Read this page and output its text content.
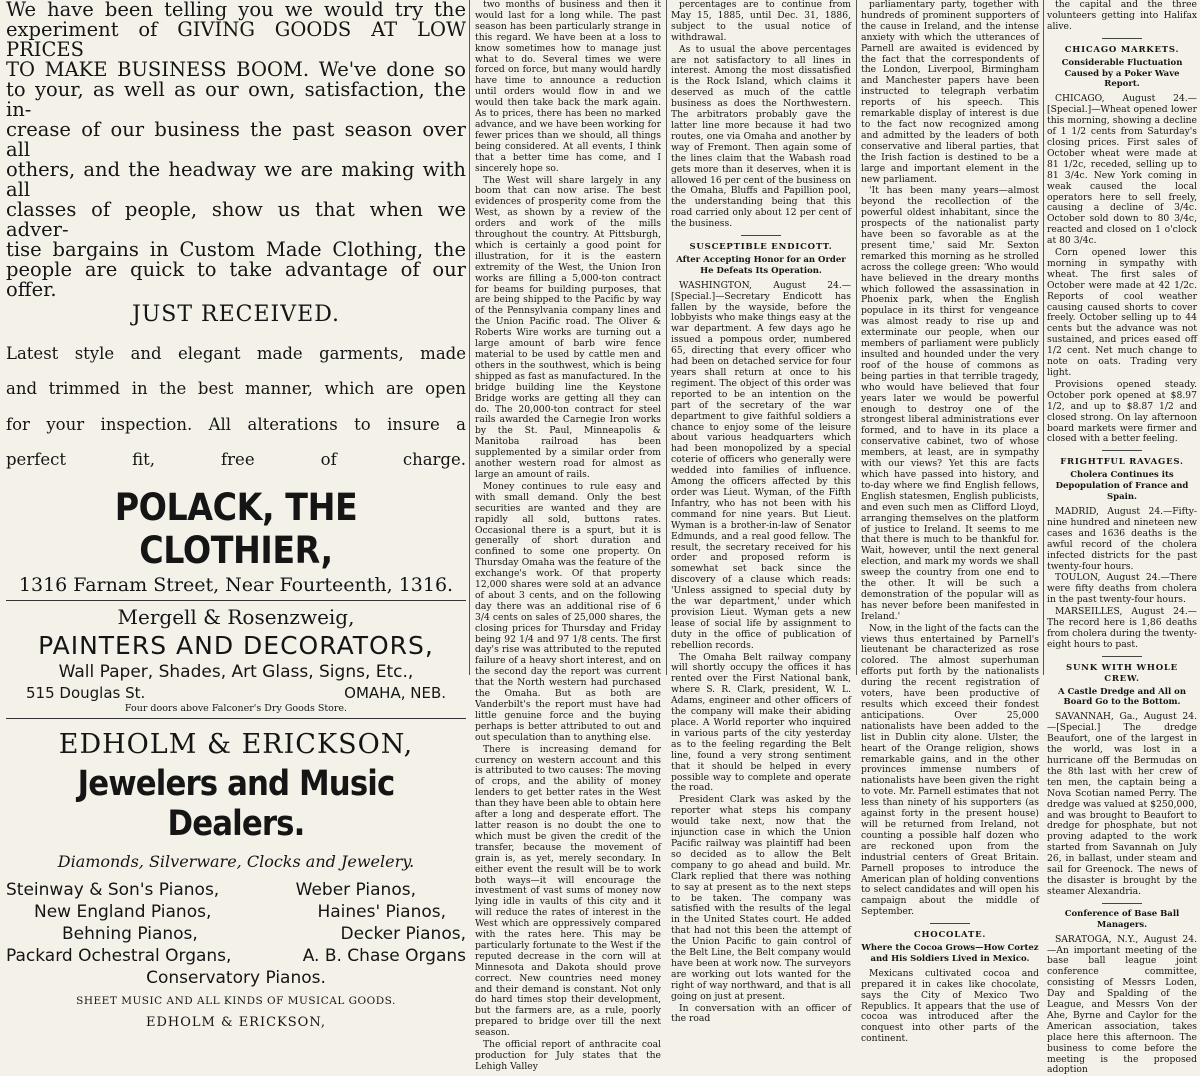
We have been telling you we would try the

experiment of GIVING GOODS AT LOW PRICES

TO MAKE BUSINESS BOOM. We've done so

to your, as well as our own, satisfaction, the in-

crease of our business the past season over all

others, and the headway we are making with all

classes of people, show us that when we adver-

tise bargains in Custom Made Clothing, the

people are quick to take advantage of our offer.

JUST RECEIVED.

Latest style and elegant made garments, made

and trimmed in the best manner, which are open

for your inspection. All alterations to insure a

perfect fit, free of charge.

POLACK, THE CLOTHIER,
1316 Farnam Street, Near Fourteenth, 1316.
Mergell & Rosenzweig,
PAINTERS AND DECORATORS,
Wall Paper, Shades, Art Glass, Signs, Etc.,
515 Douglas St.	OMAHA, NEB.
Four doors above Falconer's Dry Goods Store.
EDHOLM & ERICKSON,
Jewelers and Music Dealers.
Diamonds, Silverware, Clocks and Jewelery.
Steinway & Son's Pianos,	Weber Pianos,
New England Pianos,	Haines' Pianos,
Behning Pianos,	Decker Pianos,
Packard Ochestral Organs,	A. B. Chase Organs
Conservatory Pianos.
SHEET MUSIC AND ALL KINDS OF MUSICAL GOODS.
EDHOLM & ERICKSON,

two months of business and then it would last for a long while. The past season has been particularly strange in this regard. We have been at a loss to know sometimes how to manage just what to do. Several times we were forced on force, but many would hardly have time to announce a reduction until orders would flow in and we would then take back the mark again. As to prices, there has been no marked advance, and we have been working for fewer prices than we should, all things being considered. At all events, I think that a better time has come, and I sincerely hope so.

The West will share largely in any boom that can now arise. The best evidences of prosperity come from the West, as shown by a review of the orders and work of the mills throughout the country. At Pittsburgh, which is certainly a good point for illustration, for it is the eastern extremity of the West, the Union Iron works are filling a 5,000-ton contract for beams for building purposes, that are being shipped to the Pacific by way of the Pennsylvania company lines and the Union Pacific road. The Oliver & Roberts Wire works are turning out a large amount of barb wire fence material to be used by cattle men and others in the southwest, which is being shipped as fast as manufactured. In the bridge building line the Keystone Bridge works are getting all they can do. The 20,000-ton contract for steel rails awarded the Carnegie Iron works by the St. Paul, Minneapolis & Manitoba railroad has been supplemented by a similar order from another western road for almost as large an amount of rails.

Money continues to rule easy and with small demand. Only the best securities are wanted and they are rapidly all sold, buttons rates. Occasional there is a spurt, but it is generally of short duration and confined to some one property. On Thursday Omaha was the feature of the exchange's work. Of that property 12,000 shares were sold at an advance of about 3 cents, and on the following day there was an additional rise of 6 3/4 cents on sales of 25,000 shares, the closing prices for Thursday and Friday being 92 1/4 and 97 1/8 cents. The first day's rise was attributed to the reputed failure of a heavy short interest, and on the second day the report was current that the North western had purchased the Omaha. But as both are Vanderbilt's the report must have had little genuine force and the buying perhaps is better attributed to out and out speculation than to anything else.

There is increasing demand for currency on western account and this is attributed to two causes: The moving of crops, and the ability of money lenders to get better rates in the West than they have been able to obtain here after a long and desperate effort. The latter reason is no doubt the one to which must be given the credit of the transfer, because the movement of grain is, as yet, merely secondary. In either event the result will be to work both ways—it will encourage the investment of vast sums of money now lying idle in vaults of this city and it will reduce the rates of interest in the West which are oppressively compared with the rates here. This may be particularly fortunate to the West if the reputed decrease in the corn will at Minnesota and Dakota should prove correct. New countries need money and their demand is constant. Not only do hard times stop their development, but the farmers are, as a rule, poorly prepared to bridge over till the next season.

The official report of anthracite coal production for July states that the Lehigh Valley

percentages are to continue from May 15, 1885, until Dec. 31, 1886, subject to the usual notice of withdrawal.

As to usual the above percentages are not satisfactory to all lines in interest. Among the most dissatisfied is the Rock Island, which claims it deserved as much of the cattle business as does the Northwestern. The arbitrators probably gave the latter line more because it had two routes, one via Omaha and another by way of Fremont. Then again some of the lines claim that the Wabash road gets more than it deserves, when it is allowed 16 per cent of the business on the Omaha, Bluffs and Papillion pool, the understanding being that this road carried only about 12 per cent of the business.

SUSCEPTIBLE ENDICOTT.
After Accepting Honor for an Order He Defeats Its Operation.

WASHINGTON, August 24.—[Special.]—Secretary Endicott has fallen by the wayside, before the lobbyists who make things easy at the war department. A few days ago he issued a pompous order, numbered 65, directing that every officer who had been on detached service for four years shall return at once to his regiment. The object of this order was reported to be an intention on the part of the secretary of the war department to give faithful soldiers a chance to enjoy some of the leisure about various headquarters which had been monopolized by a special coterie of officers who generally were wedded into families of influence. Among the officers affected by this order was Lieut. Wyman, of the Fifth Infantry, who has not been with his command for nine years. But Lieut. Wyman is a brother-in-law of Senator Edmunds, and a real good fellow. The result, the secretary received for his order and proposed reform is somewhat set back since the discovery of a clause which reads: 'Unless assigned to special duty by the war department,' under which provision Lieut. Wyman gets a new lease of social life by assignment to duty in the office of publication of rebellion records.

The Omaha Belt railway company will shortly occupy the offices it has rented over the First National bank, where S. R. Clark, president, W. L. Adams, engineer and other officers of the company will make their abiding place. A World reporter who inquired in various parts of the city yesterday as to the feeling regarding the Belt line, found a very strong sentiment that it should be helped in every possible way to complete and operate the road.

President Clark was asked by the reporter what steps his company would take next, now that the injunction case in which the Union Pacific railway was plaintiff had been so decided as to allow the Belt company to go ahead and build. Mr. Clark replied that there was nothing to say at present as to the next steps to be taken. The company was satisfied with the results of the legal in the United States court. He added that had not this been the attempt of the Union Pacific to gain control of the Belt Line, the Belt company would have been at work now. The surveyors are working out lots wanted for the right of way northward, and that is all going on just at present.

In conversation with an officer of the road

parliamentary party, together with hundreds of prominent supporters of the cause in Ireland, and the intense anxiety with which the utterances of Parnell are awaited is evidenced by the fact that the correspondents of the London, Liverpool, Birmingham and Manchester papers have been instructed to telegraph verbatim reports of his speech. This remarkable display of interest is due to the fact now recognized among and admitted by the leaders of both conservative and liberal parties, that the Irish faction is destined to be a large and important element in the new parliament.

'It has been many years—almost beyond the recollection of the powerful oldest inhabitant, since the prospects of the nationalist party have been so favorable as at the present time,' said Mr. Sexton remarked this morning as he strolled across the college green: 'Who would have believed in the dreary months which followed the assassination in Phoenix park, when the English populace in its thirst for vengeance was almost ready to rise up and exterminate our people, when our members of parliament were publicly insulted and hounded under the very roof of the house of commons as being parties in that terrible tragedy, who would have believed that four years later we would be powerful enough to destroy one of the strongest liberal administrations ever formed, and to have in its place a conservative cabinet, two of whose members, at least, are in sympathy with our views? Yet this are facts which have passed into history, and to-day where we find English fellows, English statesmen, English publicists, and even such men as Clifford Lloyd, arranging themselves on the platform of justice to Ireland. It seems to me that there is much to be thankful for. Wait, however, until the next general election, and mark my words we shall sweep the country from one end to the other. It will be such a demonstration of the popular will as has never before been manifested in Ireland.'

Now, in the light of the facts can the views thus entertained by Parnell's lieutenant be characterized as rose colored. The almost superhuman efforts put forth by the nationalists during the recent registration of voters, have been productive of results which exceed their fondest anticipations. Over 25,000 nationalists have been added to the list in Dublin city alone. Ulster, the heart of the Orange religion, shows remarkable gains, and in the other provinces immense numbers of nationalists have been given the right to vote. Mr. Parnell estimates that not less than ninety of his supporters (as against forty in the present house) will be returned from Ireland, not counting a possible half dozen who are reckoned upon from the industrial centers of Great Britain. Parnell proposes to introduce the American plan of holding conventions to select candidates and will open his campaign about the middle of September.

CHOCOLATE.
Where the Cocoa Grows—How Cortez and His Soldiers Lived in Mexico.

Mexicans cultivated cocoa and prepared it in cakes like chocolate, says the City of Mexico Two Republics. It appears that the use of cocoa was introduced after the conquest into other parts of the continent.

the capital and the three volunteers getting into Halifax alive.

CHICAGO MARKETS.
Considerable Fluctuation Caused by a Poker Wave Report.

CHICAGO, August 24.—[Special.]—Wheat opened lower this morning, showing a decline of 1 1/2 cents from Saturday's closing prices. First sales of October wheat were made at 81 1/2c, receded, selling up to 81 3/4c. New York coming in weak caused the local operators here to sell freely, causing a decline of 3/4c. October sold down to 80 3/4c, reacted and closed on 1 o'clock at 80 3/4c.

Corn opened lower this morning in sympathy with wheat. The first sales of October were made at 42 1/2c. Reports of cool weather causing caused shorts to cover freely. October selling up to 44 cents but the advance was not sustained, and prices eased off 1/2 cent. Net much change to note on oats. Trading very light.

Provisions opened steady. October pork opened at $8.97 1/2, and up to $8.87 1/2 and closed strong. On lay afternoon board markets were firmer and closed with a better feeling.

FRIGHTFUL RAVAGES.
Cholera Continues its Depopulation of France and Spain.

MADRID, August 24.—Fifty-nine hundred and nineteen new cases and 1636 deaths is the awful record of the cholera infected districts for the past twenty-four hours.

TOULON, August 24.—There were fifty deaths from cholera in the past twenty-four hours.

MARSEILLES, August 24.—The record here is 1,86 deaths from cholera during the twenty-eight hours to past.

SUNK WITH WHOLE CREW.
A Castle Dredge and All on Board Go to the Bottom.

SAVANNAH, Ga., August 24.—[Special.] The dredge Beaufort, one of the largest in the world, was lost in a hurricane off the Bermudas on the 8th last with her crew of ten men, the captain being a Nova Scotian named Perry. The dredge was valued at $250,000, and was brought to Beaufort to dredge for phosphate, but not proving adapted to the work started from Savannah on July 26, in ballast, under steam and sail for Greenock. The news of the disaster is brought by the steamer Alexandria.

Conference of Base Ball Managers.

SARATOGA, N.Y., August 24.—An important meeting of the base ball league joint conference committee, consisting of Messrs Loden, Day and Spalding of the League, and Messrs Von der Ahe, Byrne and Caylor for the American association, takes place here this afternoon. The business to come before the meeting is the proposed adoption
